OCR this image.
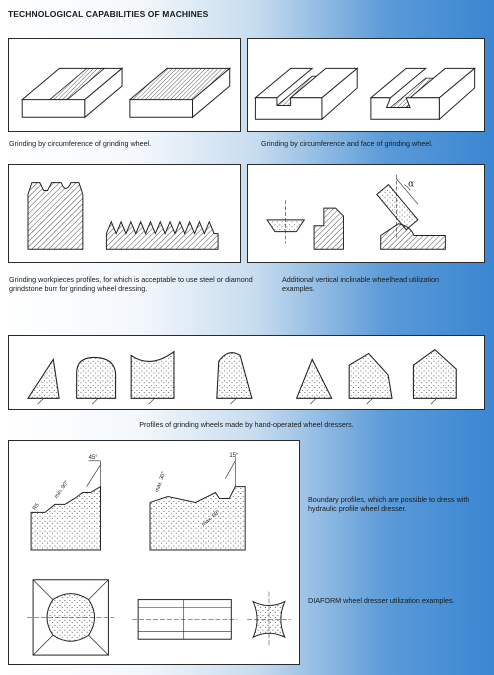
TECHNOLOGICAL CAPABILITIES OF MACHINES
Grinding by circumference of grinding wheel.	Grinding by circumference and face of grinding wheel.
Grinding workpieces profiles, for which is acceptable to use steel or diamond grindstone burr for grinding wheel dressing.
α
Additional vertical inclinable wheelhead utilization examples.
Profiles of grinding wheels made by hand-operated wheel dressers.
45°
min. 90°
R5
15°
max. 30°
max. 60°
Boundary profiles, which are possible to dress with hydraulic profile wheel dresser.
DIAFORM wheel dresser utilization examples.
